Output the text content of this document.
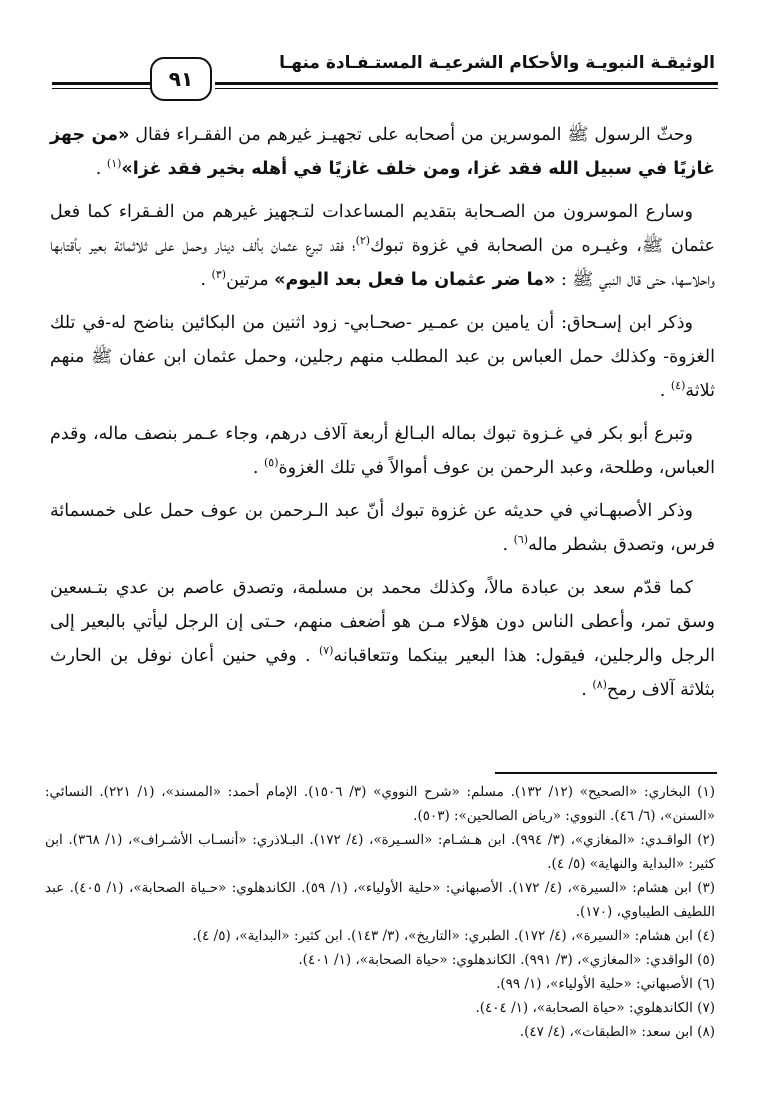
الوثيقـة النبويـة والأحكام الشرعيـة المستـفـادة منهـا
٩١

وحثّ الرسول ﷺ الموسرين من أصحابه على تجهيـز غيرهم من الفقـراء فقال «من جهز غازيًا في سبيل الله فقد غزا، ومن خلف غازيًا في أهله بخير فقد غزا»$^{(١)}$ .

وسارع الموسرون من الصـحابة بتقديم المساعدات لتـجهيز غيرهم من الفـقراء كما فعل عثمان ﷺ، وغيـره من الصحابة في غزوة تبوك$^{(٢)}$؛ فقد تبرع عثمان بألف دينار وحمل على ثلاثمائة بعير بأقتابها واحلاسها، حتى قال النبي ﷺ : «ما ضر عثمان ما فعل بعد اليوم» مرتين$^{(٣)}$ .

وذكر ابن إسـحاق: أن يامين بن عمـير -صحـابي- زود اثنين من البكائين بناضح له-في تلك الغزوة- وكذلك حمل العباس بن عبد المطلب منهم رجلين، وحمل عثمان ابن عفان ﷺ منهم ثلاثة$^{(٤)}$ .

وتبرع أبو بكر في غـزوة تبوك بماله البـالغ أربعة آلاف درهم، وجاء عـمر بنصف ماله، وقدم العباس، وطلحة، وعبد الرحمن بن عوف أموالاً في تلك الغزوة$^{(٥)}$ .

وذكر الأصبهـاني في حديثه عن غزوة تبوك أنّ عبد الـرحمن بن عوف حمل على خمسمائة فرس، وتصدق بشطر ماله$^{(٦)}$ .

كما قدّم سعد بن عبادة مالاً، وكذلك محمد بن مسلمة، وتصدق عاصم بن عدي بتـسعين وسق تمر، وأعطى الناس دون هؤلاء مـن هو أضعف منهم، حـتى إن الرجل ليأتي بالبعير إلى الرجل والرجلين، فيقول: هذا البعير بينكما وتتعاقبانه$^{(٧)}$ . وفي حنين أعان نوفل بن الحارث بثلاثة آلاف رمح$^{(٨)}$ .

(١) البخاري: «الصحيح» (١٢/ ١٣٢). مسلم: «شرح النووي» (٣/ ١٥٠٦). الإمام أحمد: «المسند»، (١/ ٢٢١). النسائي: «السنن»، (٦/ ٤٦). النووي: «رياض الصالحين»: (٥٠٣).

(٢) الواقـدي: «المغازي»، (٣/ ٩٩٤). ابن هـشـام: «السـيرة»، (٤/ ١٧٢). البـلاذري: «أنسـاب الأشـراف»، (١/ ٣٦٨). ابن كثير: «البداية والنهاية» (٥/ ٤).

(٣) ابن هشام: «السيرة»، (٤/ ١٧٢). الأصبهاني: «حلية الأولياء»، (١/ ٥٩). الكاندهلوي: «حـياة الصحابة»، (١/ ٤٠٥). عبد اللطيف الطيباوي، (١٧٠).

(٤) ابن هشام: «السيرة»، (٤/ ١٧٢). الطبري: «التاريخ»، (٣/ ١٤٣). ابن كثير: «البداية»، (٥/ ٤).

(٥) الواقدي: «المغازي»، (٣/ ٩٩١). الكاندهلوي: «حياة الصحابة»، (١/ ٤٠١).

(٦) الأصبهاني: «حلية الأولياء»، (١/ ٩٩).

(٧) الكاندهلوي: «حياة الصحابة»، (١/ ٤٠٤).

(٨) ابن سعد: «الطبقات»، (٤/ ٤٧).
